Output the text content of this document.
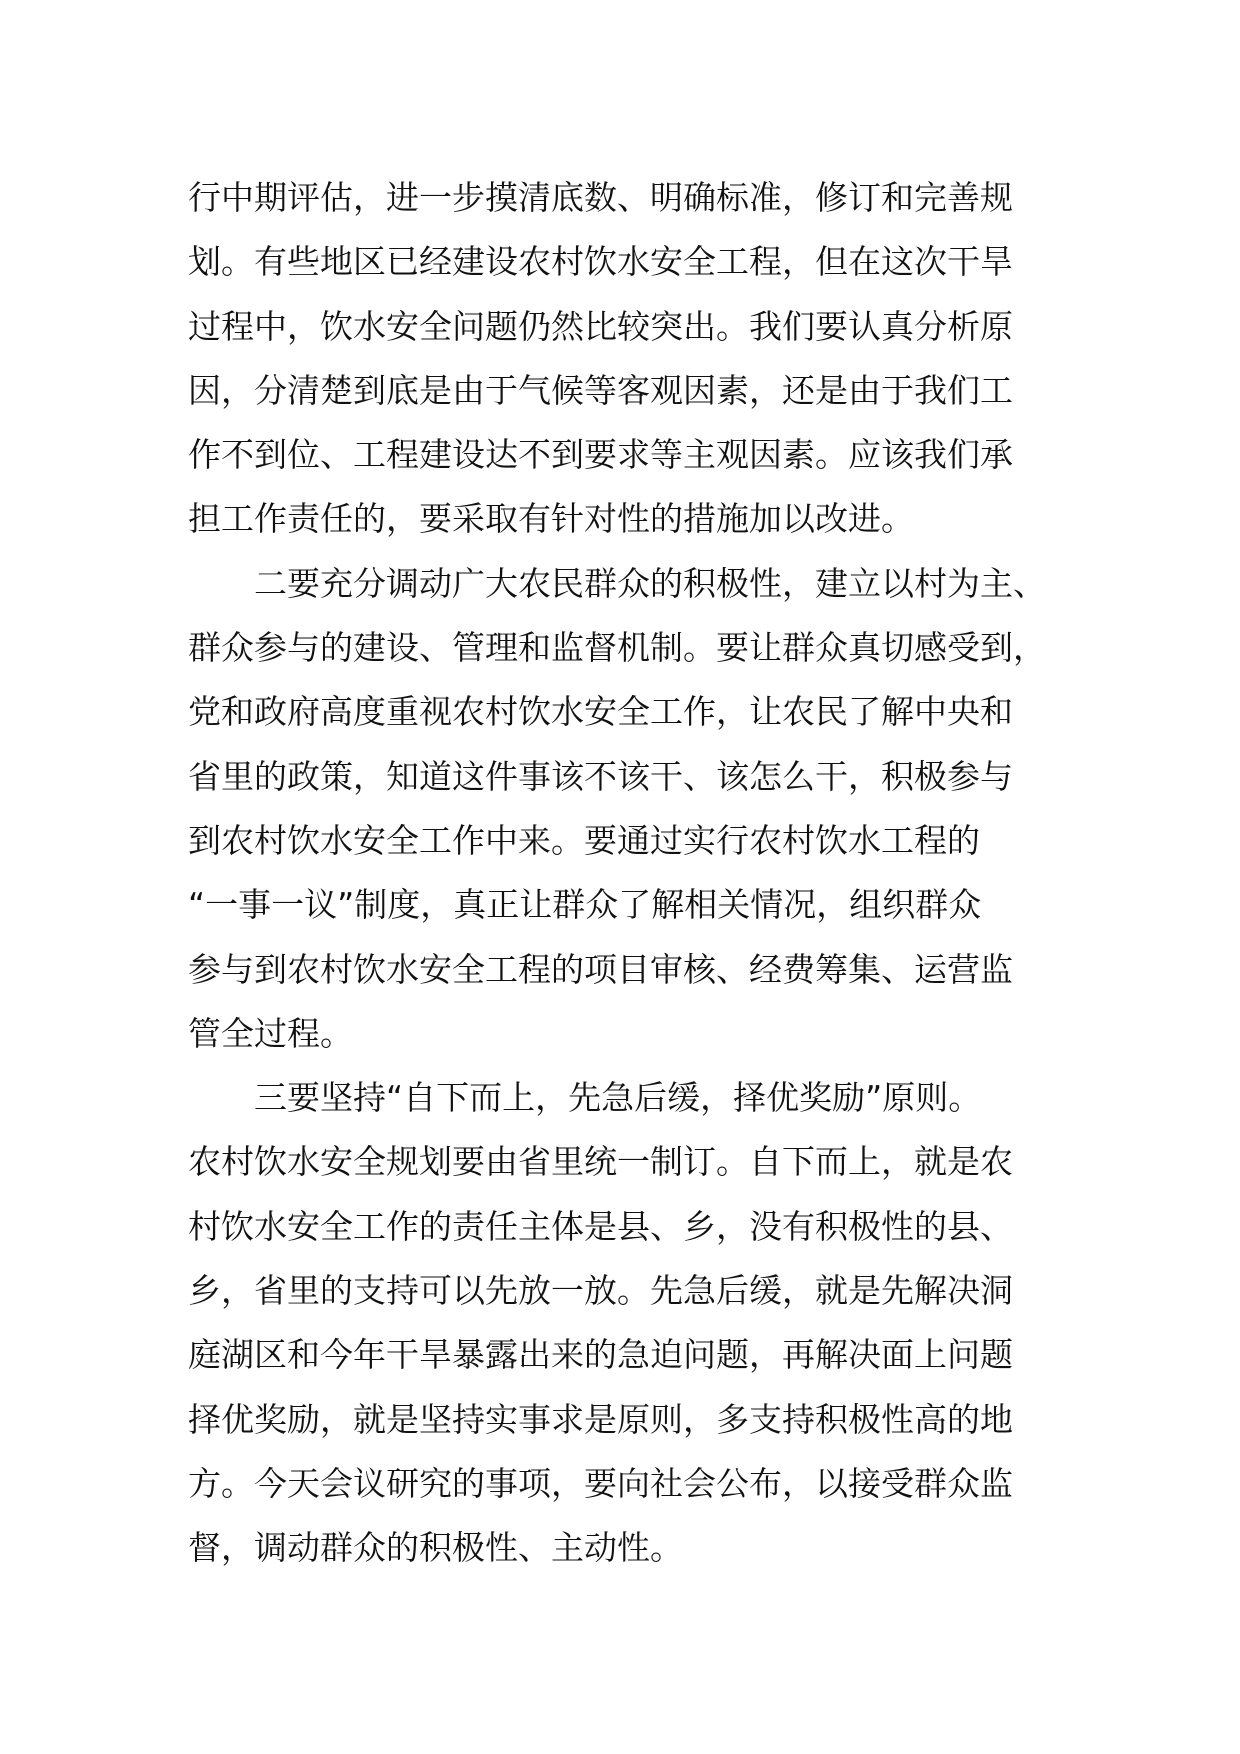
行中期评估，进一步摸清底数、明确标准，修订和完善规
划。有些地区已经建设农村饮水安全工程，但在这次干旱
过程中，饮水安全问题仍然比较突出。我们要认真分析原
因，分清楚到底是由于气候等客观因素，还是由于我们工
作不到位、工程建设达不到要求等主观因素。应该我们承
担工作责任的，要采取有针对性的措施加以改进。
二要充分调动广大农民群众的积极性，建立以村为主、
群众参与的建设、管理和监督机制。要让群众真切感受到，
党和政府高度重视农村饮水安全工作，让农民了解中央和
省里的政策，知道这件事该不该干、该怎么干，积极参与
到农村饮水安全工作中来。要通过实行农村饮水工程的
“一事一议”制度，真正让群众了解相关情况，组织群众
参与到农村饮水安全工程的项目审核、经费筹集、运营监
管全过程。
三要坚持“自下而上，先急后缓，择优奖励”原则。
农村饮水安全规划要由省里统一制订。自下而上，就是农
村饮水安全工作的责任主体是县、乡，没有积极性的县、
乡，省里的支持可以先放一放。先急后缓，就是先解决洞
庭湖区和今年干旱暴露出来的急迫问题，再解决面上问题
择优奖励，就是坚持实事求是原则，多支持积极性高的地
方。今天会议研究的事项，要向社会公布，以接受群众监
督，调动群众的积极性、主动性。
